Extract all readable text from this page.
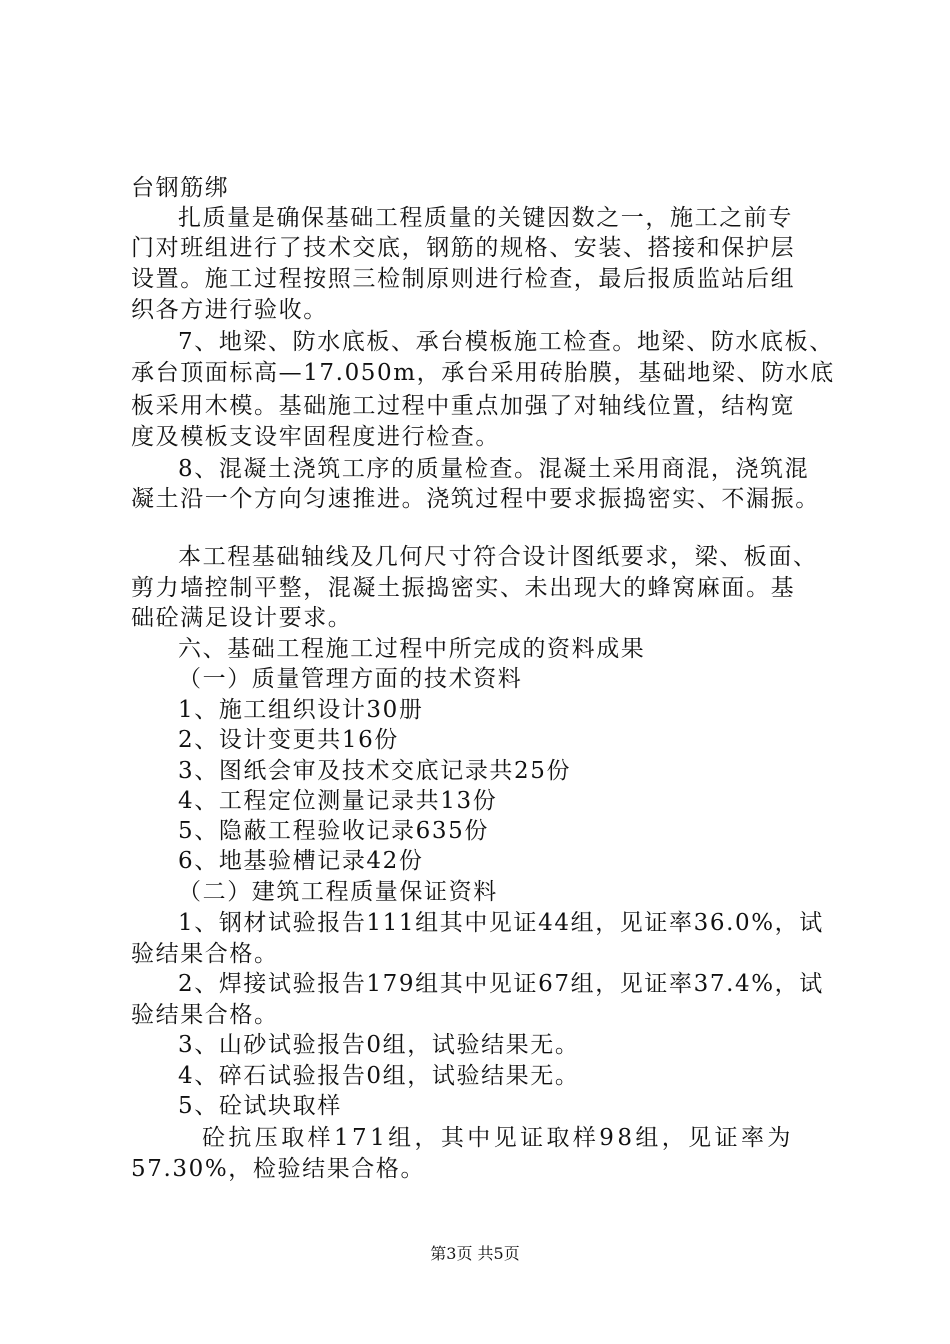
台钢筋绑
扎质量是确保基础工程质量的关键因数之一，施工之前专
门对班组进行了技术交底，钢筋的规格、安装、搭接和保护层
设置。施工过程按照三检制原则进行检查，最后报质监站后组
织各方进行验收。
7、地梁、防水底板、承台模板施工检查。地梁、防水底板、
承台顶面标高—17.050m，承台采用砖胎膜，基础地梁、防水底
板采用木模。基础施工过程中重点加强了对轴线位置，结构宽
度及模板支设牢固程度进行检查。
8、混凝土浇筑工序的质量检查。混凝土采用商混，浇筑混
凝土沿一个方向匀速推进。浇筑过程中要求振捣密实、不漏振。
本工程基础轴线及几何尺寸符合设计图纸要求，梁、板面、
剪力墙控制平整，混凝土振捣密实、未出现大的蜂窝麻面。基
础砼满足设计要求。
六、基础工程施工过程中所完成的资料成果
（一）质量管理方面的技术资料
1、施工组织设计30册
2、设计变更共16份
3、图纸会审及技术交底记录共25份
4、工程定位测量记录共13份
5、隐蔽工程验收记录635份
6、地基验槽记录42份
（二）建筑工程质量保证资料
1、钢材试验报告111组其中见证44组，见证率36.0%，试
验结果合格。
2、焊接试验报告179组其中见证67组，见证率37.4%，试
验结果合格。
3、山砂试验报告0组，试验结果无。
4、碎石试验报告0组，试验结果无。
5、砼试块取样
砼抗压取样171组，其中见证取样98组，见证率为
57.30%，检验结果合格。
第3页 共5页
